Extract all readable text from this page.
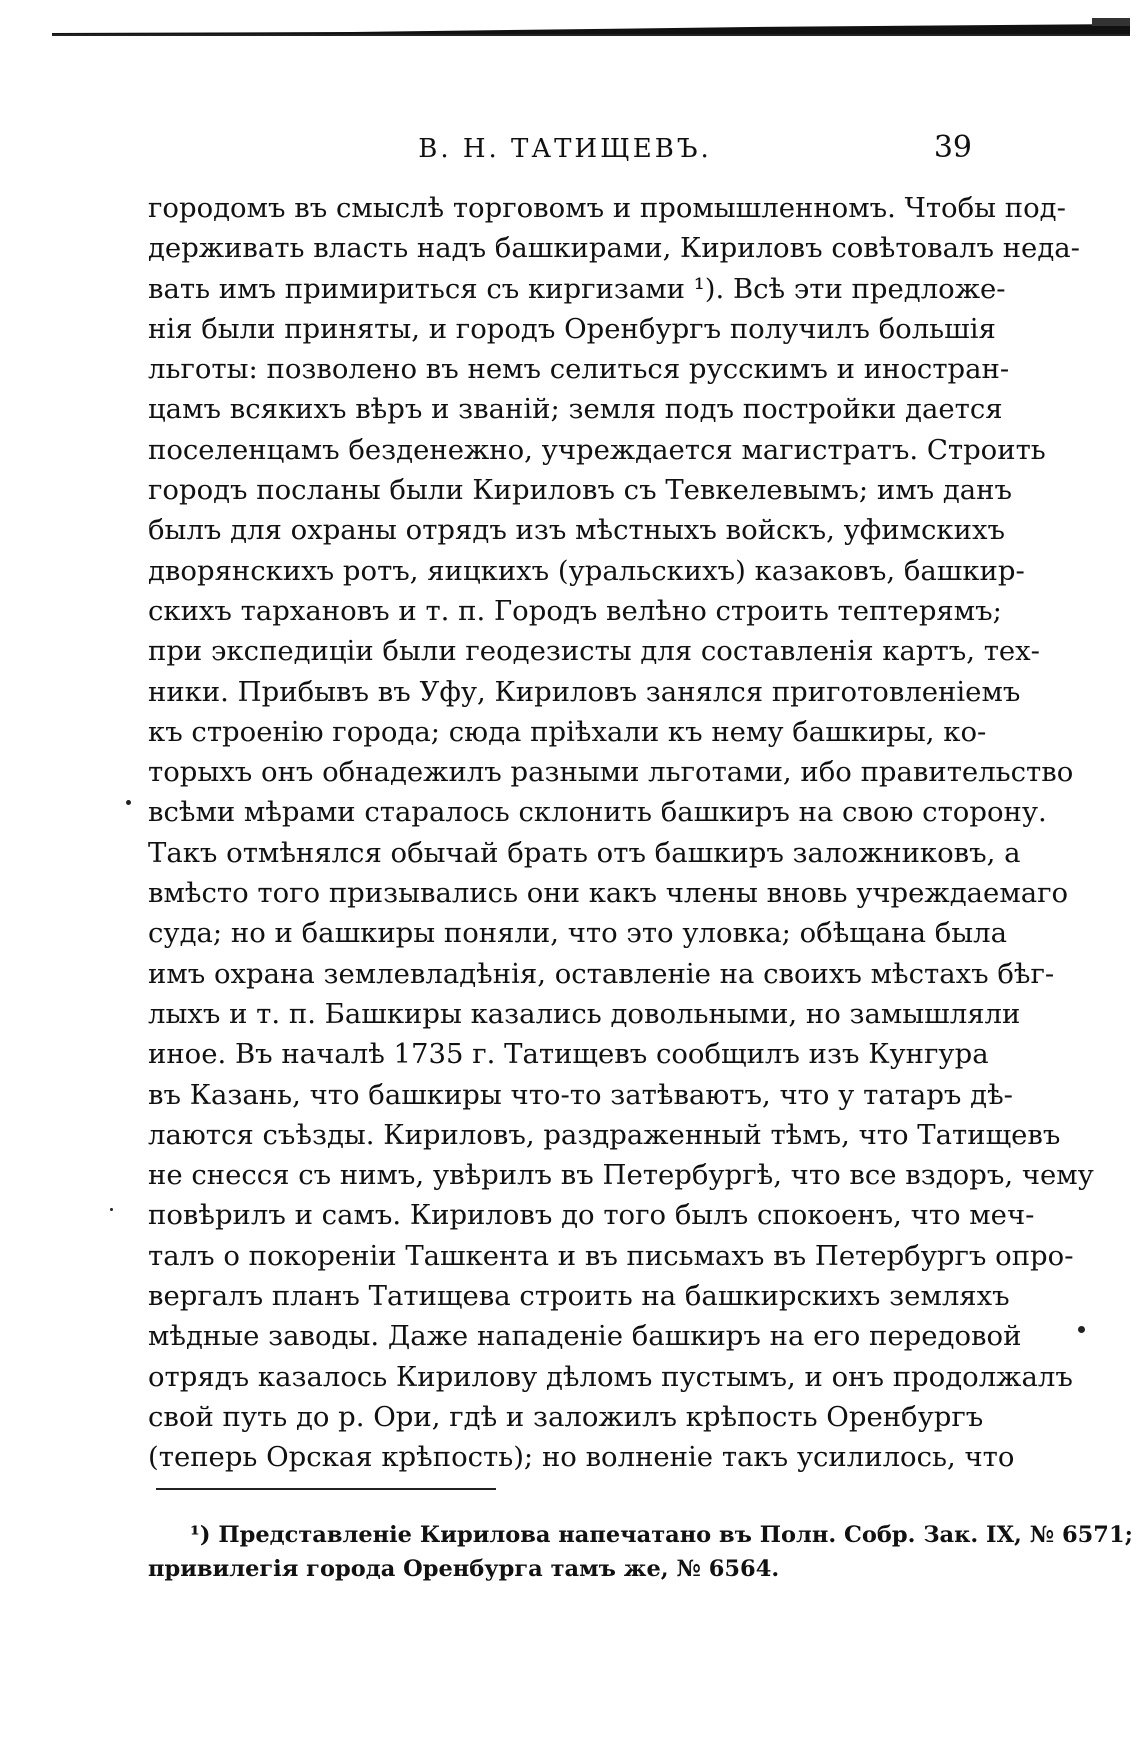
В. Н. ТАТИЩЕВЪ.	39
городомъ въ смыслѣ торговомъ и промышленномъ. Чтобы под-
держивать власть надъ башкирами, Кириловъ совѣтовалъ неда-
вать имъ примириться съ киргизами ¹). Всѣ эти предложе-
нія были приняты, и городъ Оренбургъ получилъ большія
льготы: позволено въ немъ селиться русскимъ и иностран-
цамъ всякихъ вѣръ и званій; земля подъ постройки дается
поселенцамъ безденежно, учреждается магистратъ. Строить
городъ посланы были Кириловъ съ Тевкелевымъ; имъ данъ
былъ для охраны отрядъ изъ мѣстныхъ войскъ, уфимскихъ
дворянскихъ ротъ, яицкихъ (уральскихъ) казаковъ, башкир-
скихъ тархановъ и т. п. Городъ велѣно строить тептерямъ;
при экспедиціи были геодезисты для составленія картъ, тех-
ники. Прибывъ въ Уфу, Кириловъ занялся приготовленіемъ
къ строенію города; сюда пріѣхали къ нему башкиры, ко-
торыхъ онъ обнадежилъ разными льготами, ибо правительство
всѣми мѣрами старалось склонить башкиръ на свою сторону.
Такъ отмѣнялся обычай брать отъ башкиръ заложниковъ, а
вмѣсто того призывались они какъ члены вновь учреждаемаго
суда; но и башкиры поняли, что это уловка; обѣщана была
имъ охрана землевладѣнія, оставленіе на своихъ мѣстахъ бѣг-
лыхъ и т. п. Башкиры казались довольными, но замышляли
иное. Въ началѣ 1735 г. Татищевъ сообщилъ изъ Кунгура
въ Казань, что башкиры что-то затѣваютъ, что у татаръ дѣ-
лаются съѣзды. Кириловъ, раздраженный тѣмъ, что Татищевъ
не снесся съ нимъ, увѣрилъ въ Петербургѣ, что все вздоръ, чему
повѣрилъ и самъ. Кириловъ до того былъ спокоенъ, что меч-
талъ о покореніи Ташкента и въ письмахъ въ Петербургъ опро-
вергалъ планъ Татищева строить на башкирскихъ земляхъ
мѣдные заводы. Даже нападеніе башкиръ на его передовой
отрядъ казалось Кирилову дѣломъ пустымъ, и онъ продолжалъ
свой путь до р. Ори, гдѣ и заложилъ крѣпость Оренбургъ
(теперь Орская крѣпость); но волненіе такъ усилилось, что
¹) Представленіе Кирилова напечатано въ Полн. Собр. Зак. IX, № 6571;
привилегія города Оренбурга тамъ же, № 6564.
